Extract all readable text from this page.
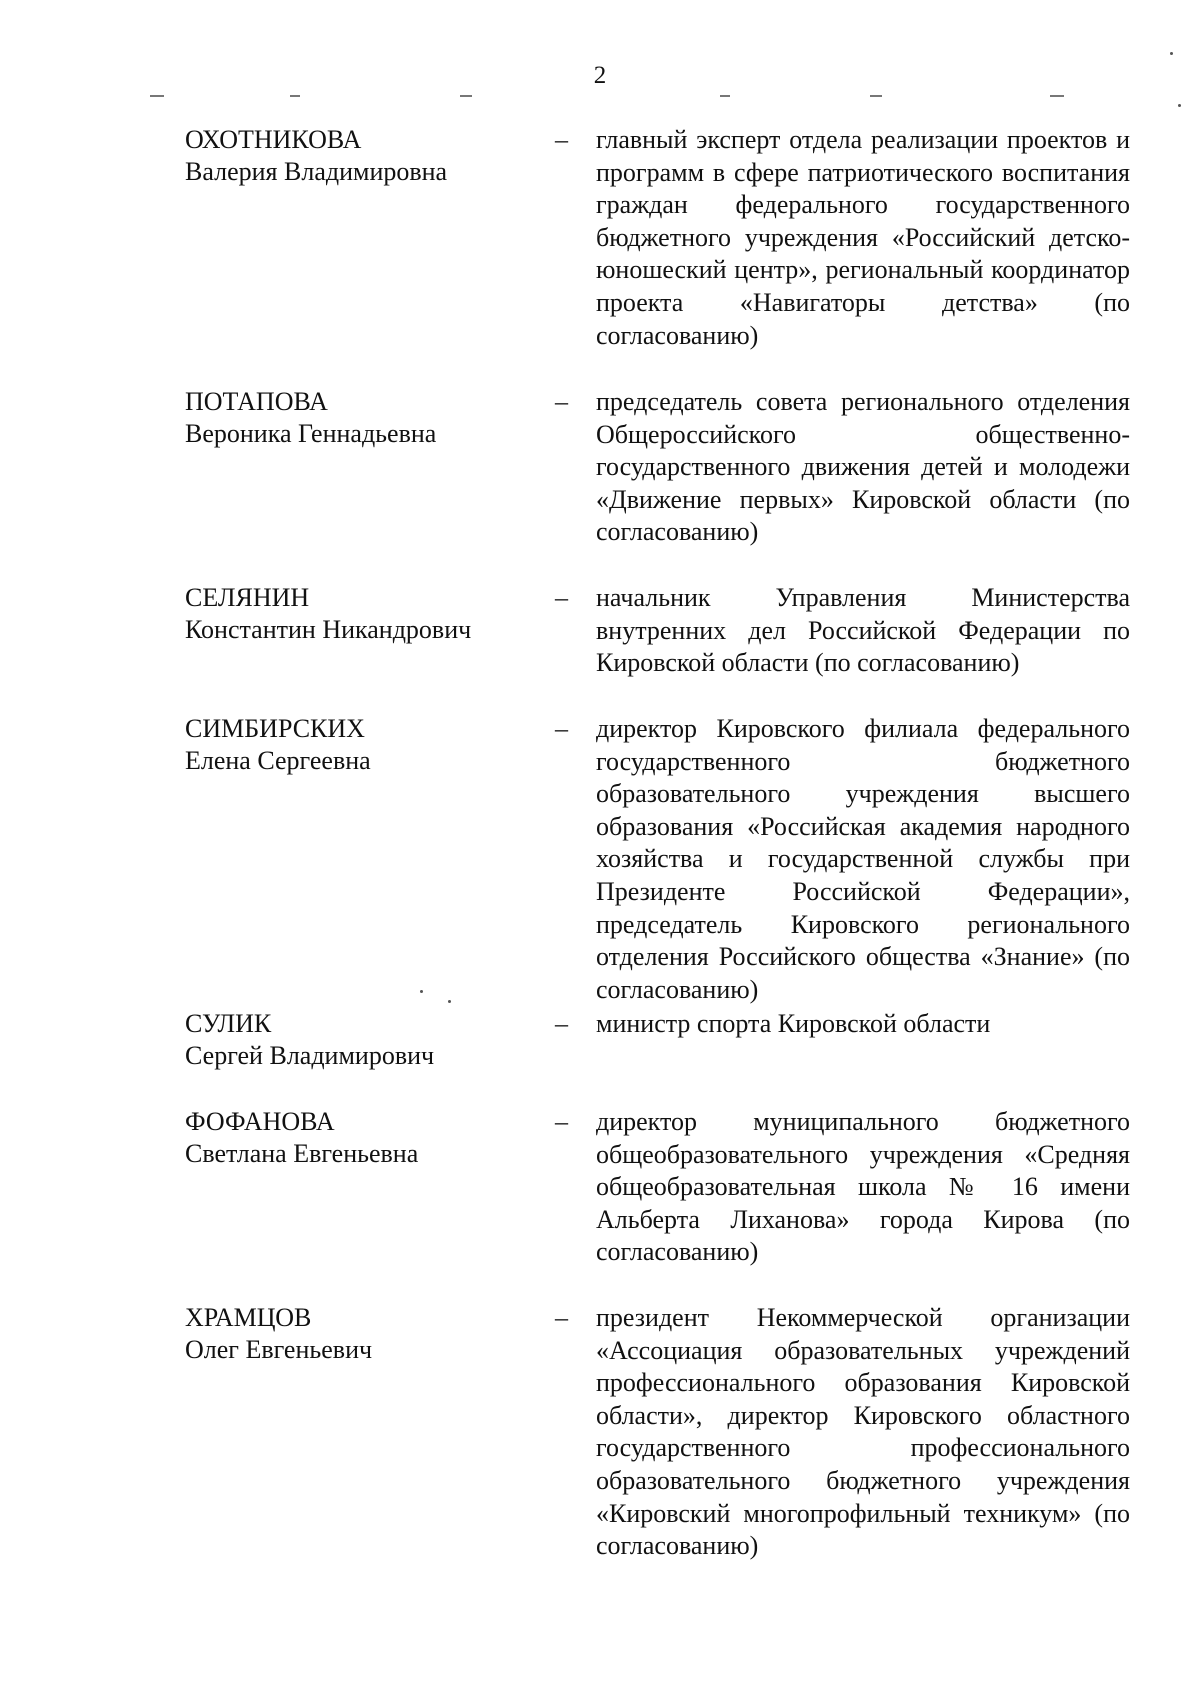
2
ОХОТНИКОВА
Валерия Владимировна
– главный эксперт отдела реализации проектов и программ в сфере патриотического воспитания граждан федерального государственного бюджетного учреждения «Российский детско-юношеский центр», региональный координатор проекта «Навигаторы детства» (по согласованию)
ПОТАПОВА
Вероника Геннадьевна
– председатель совета регионального отделения Общероссийского общественно-государственного движения детей и молодежи «Движение первых» Кировской области (по согласованию)
СЕЛЯНИН
Константин Никандрович
– начальник Управления Министерства внутренних дел Российской Федерации по Кировской области (по согласованию)
СИМБИРСКИХ
Елена Сергеевна
– директор Кировского филиала федерального государственного бюджетного образовательного учреждения высшего образования «Российская академия народного хозяйства и государственной службы при Президенте Российской Федерации», председатель Кировского регионального отделения Российского общества «Знание» (по согласованию)
СУЛИК
Сергей Владимирович
– министр спорта Кировской области
ФОФАНОВА
Светлана Евгеньевна
– директор муниципального бюджетного общеобразовательного учреждения «Средняя общеобразовательная школа № 16 имени Альберта Лиханова» города Кирова (по согласованию)
ХРАМЦОВ
Олег Евгеньевич
– президент Некоммерческой организации «Ассоциация образовательных учреждений профессионального образования Кировской области», директор Кировского областного государственного профессионального образовательного бюджетного учреждения «Кировский многопрофильный техникум» (по согласованию)
